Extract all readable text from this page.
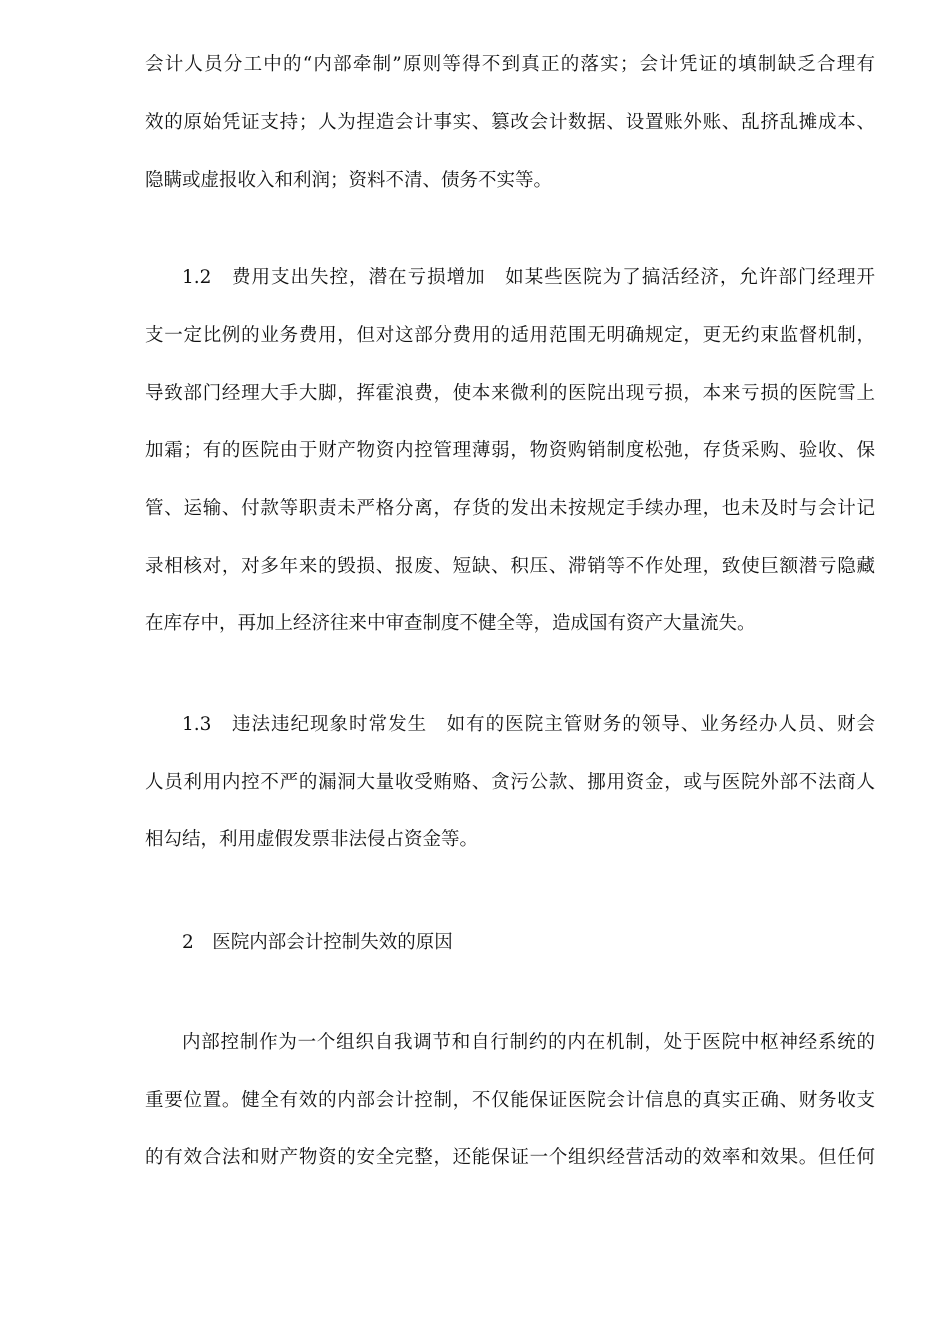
会计人员分工中的“内部牵制”原则等得不到真正的落实；会计凭证的填制缺乏合理有
效的原始凭证支持；人为捏造会计事实、篡改会计数据、设置账外账、乱挤乱摊成本、
隐瞒或虚报收入和利润；资料不清、债务不实等。
1.2　费用支出失控，潜在亏损增加　如某些医院为了搞活经济，允许部门经理开
支一定比例的业务费用，但对这部分费用的适用范围无明确规定，更无约束监督机制，
导致部门经理大手大脚，挥霍浪费，使本来微利的医院出现亏损，本来亏损的医院雪上
加霜；有的医院由于财产物资内控管理薄弱，物资购销制度松弛，存货采购、验收、保
管、运输、付款等职责未严格分离，存货的发出未按规定手续办理，也未及时与会计记
录相核对，对多年来的毁损、报废、短缺、积压、滞销等不作处理，致使巨额潜亏隐藏
在库存中，再加上经济往来中审查制度不健全等，造成国有资产大量流失。
1.3　违法违纪现象时常发生　如有的医院主管财务的领导、业务经办人员、财会
人员利用内控不严的漏洞大量收受贿赂、贪污公款、挪用资金，或与医院外部不法商人
相勾结，利用虚假发票非法侵占资金等。
2　医院内部会计控制失效的原因
内部控制作为一个组织自我调节和自行制约的内在机制，处于医院中枢神经系统的
重要位置。健全有效的内部会计控制，不仅能保证医院会计信息的真实正确、财务收支
的有效合法和财产物资的安全完整，还能保证一个组织经营活动的效率和效果。但任何
